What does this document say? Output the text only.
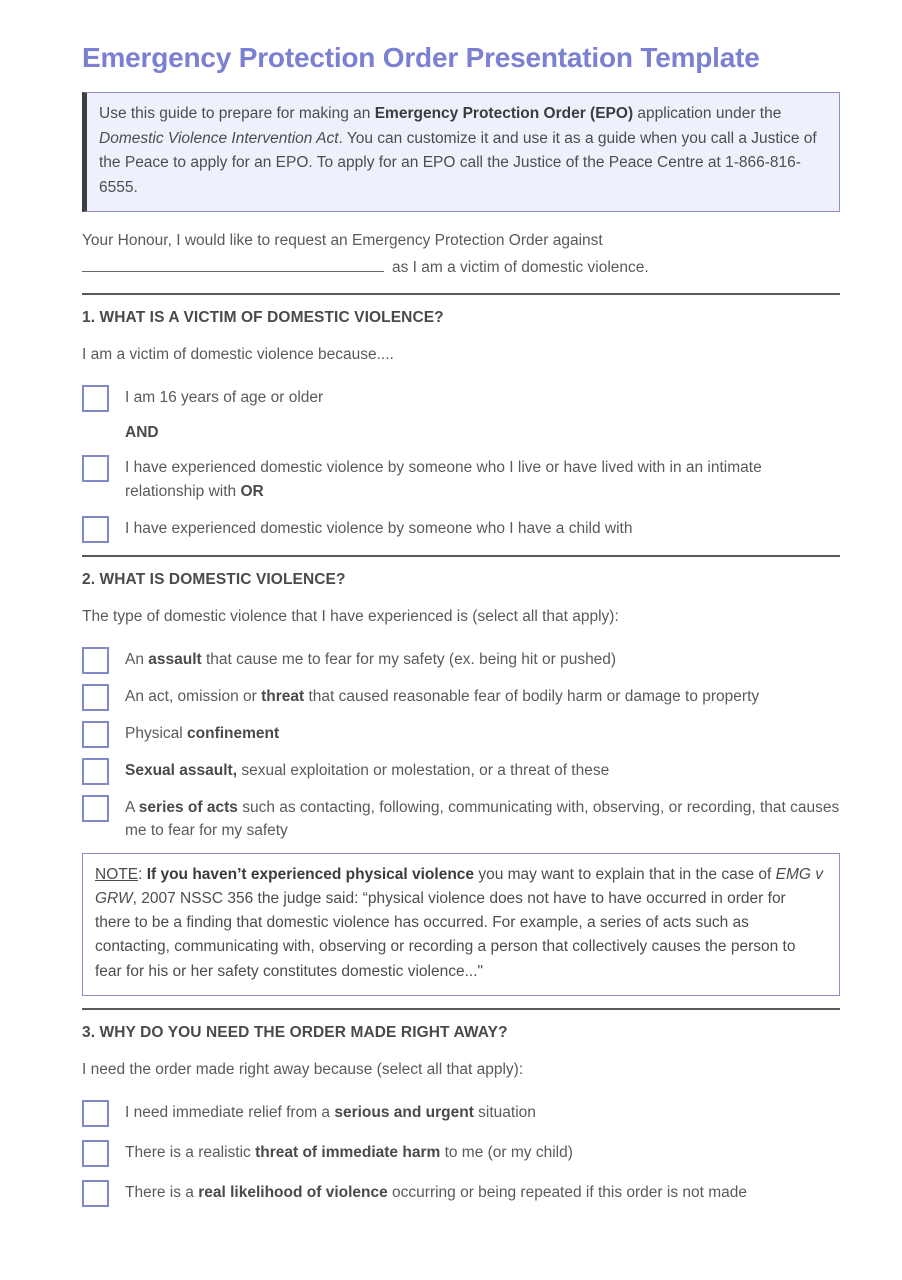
Emergency Protection Order Presentation Template
Use this guide to prepare for making an Emergency Protection Order (EPO) application under the Domestic Violence Intervention Act. You can customize it and use it as a guide when you call a Justice of the Peace to apply for an EPO. To apply for an EPO call the Justice of the Peace Centre at 1-866-816-6555.
Your Honour, I would like to request an Emergency Protection Order against
as I am a victim of domestic violence.
1. WHAT IS A VICTIM OF DOMESTIC VIOLENCE?
I am a victim of domestic violence because....
I am 16 years of age or older
AND
I have experienced domestic violence by someone who I live or have lived with in an intimate relationship with OR
I have experienced domestic violence by someone who I have a child with
2. WHAT IS DOMESTIC VIOLENCE?
The type of domestic violence that I have experienced is (select all that apply):
An assault that cause me to fear for my safety (ex. being hit or pushed)
An act, omission or threat that caused reasonable fear of bodily harm or damage to property
Physical confinement
Sexual assault, sexual exploitation or molestation, or a threat of these
A series of acts such as contacting, following, communicating with, observing, or recording, that causes me to fear for my safety
NOTE: If you haven’t experienced physical violence you may want to explain that in the case of EMG v GRW, 2007 NSSC 356 the judge said: “physical violence does not have to have occurred in order for there to be a finding that domestic violence has occurred. For example, a series of acts such as contacting, communicating with, observing or recording a person that collectively causes the person to fear for his or her safety constitutes domestic violence..."
3. WHY DO YOU NEED THE ORDER MADE RIGHT AWAY?
I need the order made right away because (select all that apply):
I need immediate relief from a serious and urgent situation
There is a realistic threat of immediate harm to me (or my child)
There is a real likelihood of violence occurring or being repeated if this order is not made
